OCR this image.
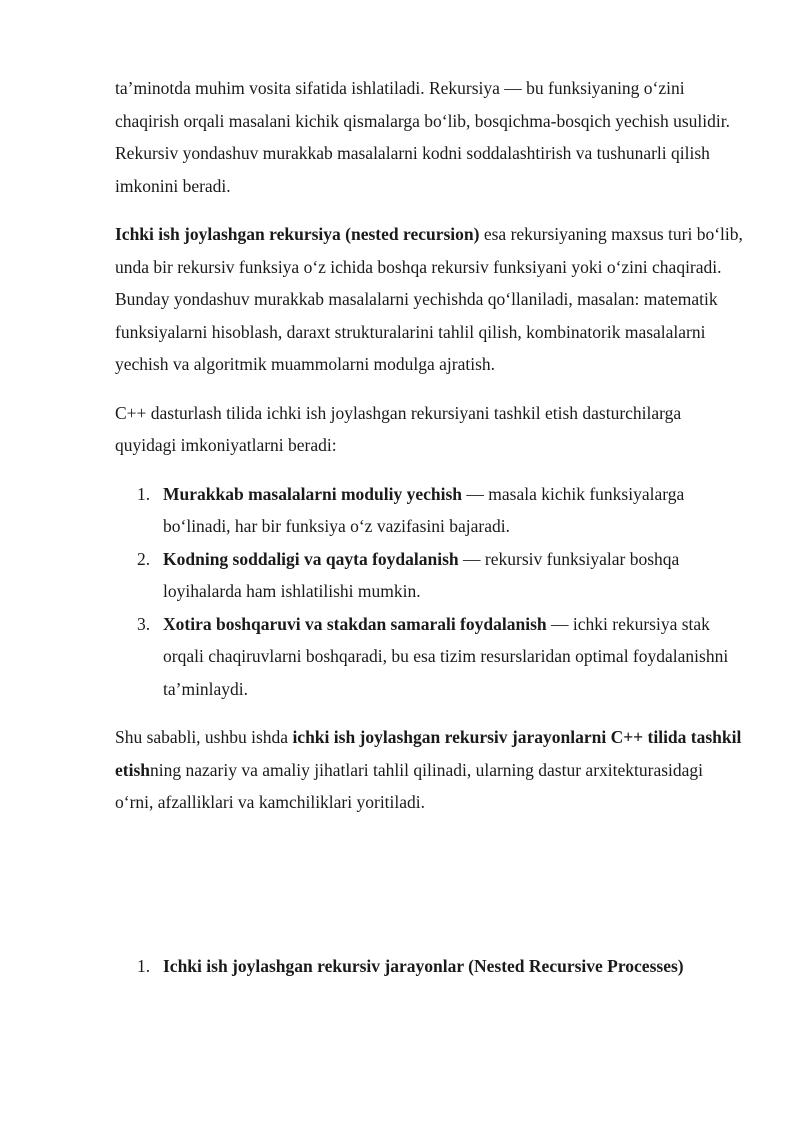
ta’minotda muhim vosita sifatida ishlatiladi. Rekursiya — bu funksiyaning o‘zini chaqirish orqali masalani kichik qismalarga bo‘lib, bosqichma-bosqich yechish usulidir. Rekursiv yondashuv murakkab masalalarni kodni soddalashtirish va tushunarli qilish imkonini beradi.

Ichki ish joylashgan rekursiya (nested recursion) esa rekursiyaning maxsus turi bo‘lib, unda bir rekursiv funksiya o‘z ichida boshqa rekursiv funksiyani yoki o‘zini chaqiradi. Bunday yondashuv murakkab masalalarni yechishda qo‘llaniladi, masalan: matematik funksiyalarni hisoblash, daraxt strukturalarini tahlil qilish, kombinatorik masalalarni yechish va algoritmik muammolarni modulga ajratish.

C++ dasturlash tilida ichki ish joylashgan rekursiyani tashkil etish dasturchilarga quyidagi imkoniyatlarni beradi:

1. Murakkab masalalarni moduliy yechish — masala kichik funksiyalarga bo‘linadi, har bir funksiya o‘z vazifasini bajaradi.
2. Kodning soddaligi va qayta foydalanish — rekursiv funksiyalar boshqa loyihalarda ham ishlatilishi mumkin.
3. Xotira boshqaruvi va stakdan samarali foydalanish — ichki rekursiya stak orqali chaqiruvlarni boshqaradi, bu esa tizim resurslaridan optimal foydalanishni ta’minlaydi.

Shu sababli, ushbu ishda ichki ish joylashgan rekursiv jarayonlarni C++ tilida tashkil etishning nazariy va amaliy jihatlari tahlil qilinadi, ularning dastur arxitekturasidagi o‘rni, afzalliklari va kamchiliklari yoritiladi.

1. Ichki ish joylashgan rekursiv jarayonlar (Nested Recursive Processes)
